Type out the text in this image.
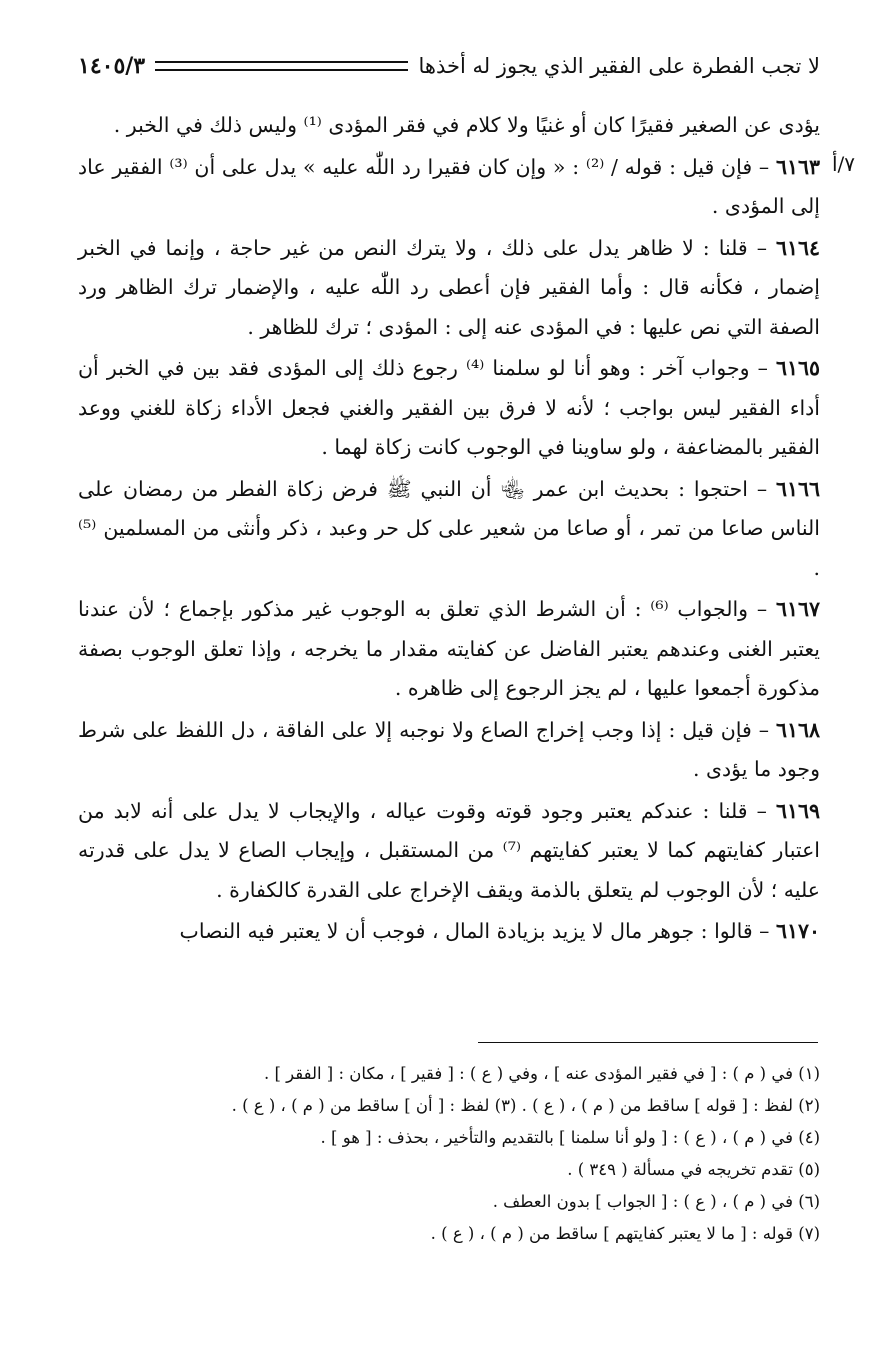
لا تجب الفطرة على الفقير الذي يجوز له أخذها
١٤٠٥/٣
٧/أ

يؤدى عن الصغير فقيرًا كان أو غنيًا ولا كلام في فقر المؤدى ⁽¹⁾ وليس ذلك في الخبر .

٦١٦٣ – فإن قيل : قوله / ⁽²⁾ : « وإن كان فقيرا رد اللّٰه عليه » يدل على أن ⁽³⁾ الفقير عاد إلى المؤدى .

٦١٦٤ – قلنا : لا ظاهر يدل على ذلك ، ولا يترك النص من غير حاجة ، وإنما في الخبر إضمار ، فكأنه قال : وأما الفقير فإن أعطى رد اللّٰه عليه ، والإضمار ترك الظاهر ورد الصفة التي نص عليها : في المؤدى عنه إلى : المؤدى ؛ ترك للظاهر .

٦١٦٥ – وجواب آخر : وهو أنا لو سلمنا ⁽⁴⁾ رجوع ذلك إلى المؤدى فقد بين في الخبر أن أداء الفقير ليس بواجب ؛ لأنه لا فرق بين الفقير والغني فجعل الأداء زكاة للغني ووعد الفقير بالمضاعفة ، ولو ساوينا في الوجوب كانت زكاة لهما .

٦١٦٦ – احتجوا : بحديث ابن عمر ﵄ أن النبي ﷺ فرض زكاة الفطر من رمضان على الناس صاعا من تمر ، أو صاعا من شعير على كل حر وعبد ، ذكر وأنثى من المسلمين ⁽⁵⁾ .

٦١٦٧ – والجواب ⁽⁶⁾ : أن الشرط الذي تعلق به الوجوب غير مذكور بإجماع ؛ لأن عندنا يعتبر الغنى وعندهم يعتبر الفاضل عن كفايته مقدار ما يخرجه ، وإذا تعلق الوجوب بصفة مذكورة أجمعوا عليها ، لم يجز الرجوع إلى ظاهره .

٦١٦٨ – فإن قيل : إذا وجب إخراج الصاع ولا نوجبه إلا على الفاقة ، دل اللفظ على شرط وجود ما يؤدى .

٦١٦٩ – قلنا : عندكم يعتبر وجود قوته وقوت عياله ، والإيجاب لا يدل على أنه لابد من اعتبار كفايتهم كما لا يعتبر كفايتهم ⁽⁷⁾ من المستقبل ، وإيجاب الصاع لا يدل على قدرته عليه ؛ لأن الوجوب لم يتعلق بالذمة ويقف الإخراج على القدرة كالكفارة .

٦١٧٠ – قالوا : جوهر مال لا يزيد بزيادة المال ، فوجب أن لا يعتبر فيه النصاب

(١) في ( م ) : [ في فقير المؤدى عنه ] ، وفي ( ع ) : [ فقير ] ، مكان : [ الفقر ] .
(٢) لفظ : [ قوله ] ساقط من ( م ) ، ( ع ) . (٣) لفظ : [ أن ] ساقط من ( م ) ، ( ع ) .
(٤) في ( م ) ، ( ع ) : [ ولو أنا سلمنا ] بالتقديم والتأخير ، بحذف : [ هو ] .
(٥) تقدم تخريجه في مسألة ( ٣٤٩ ) .
(٦) في ( م ) ، ( ع ) : [ الجواب ] بدون العطف .
(٧) قوله : [ ما لا يعتبر كفايتهم ] ساقط من ( م ) ، ( ع ) .
